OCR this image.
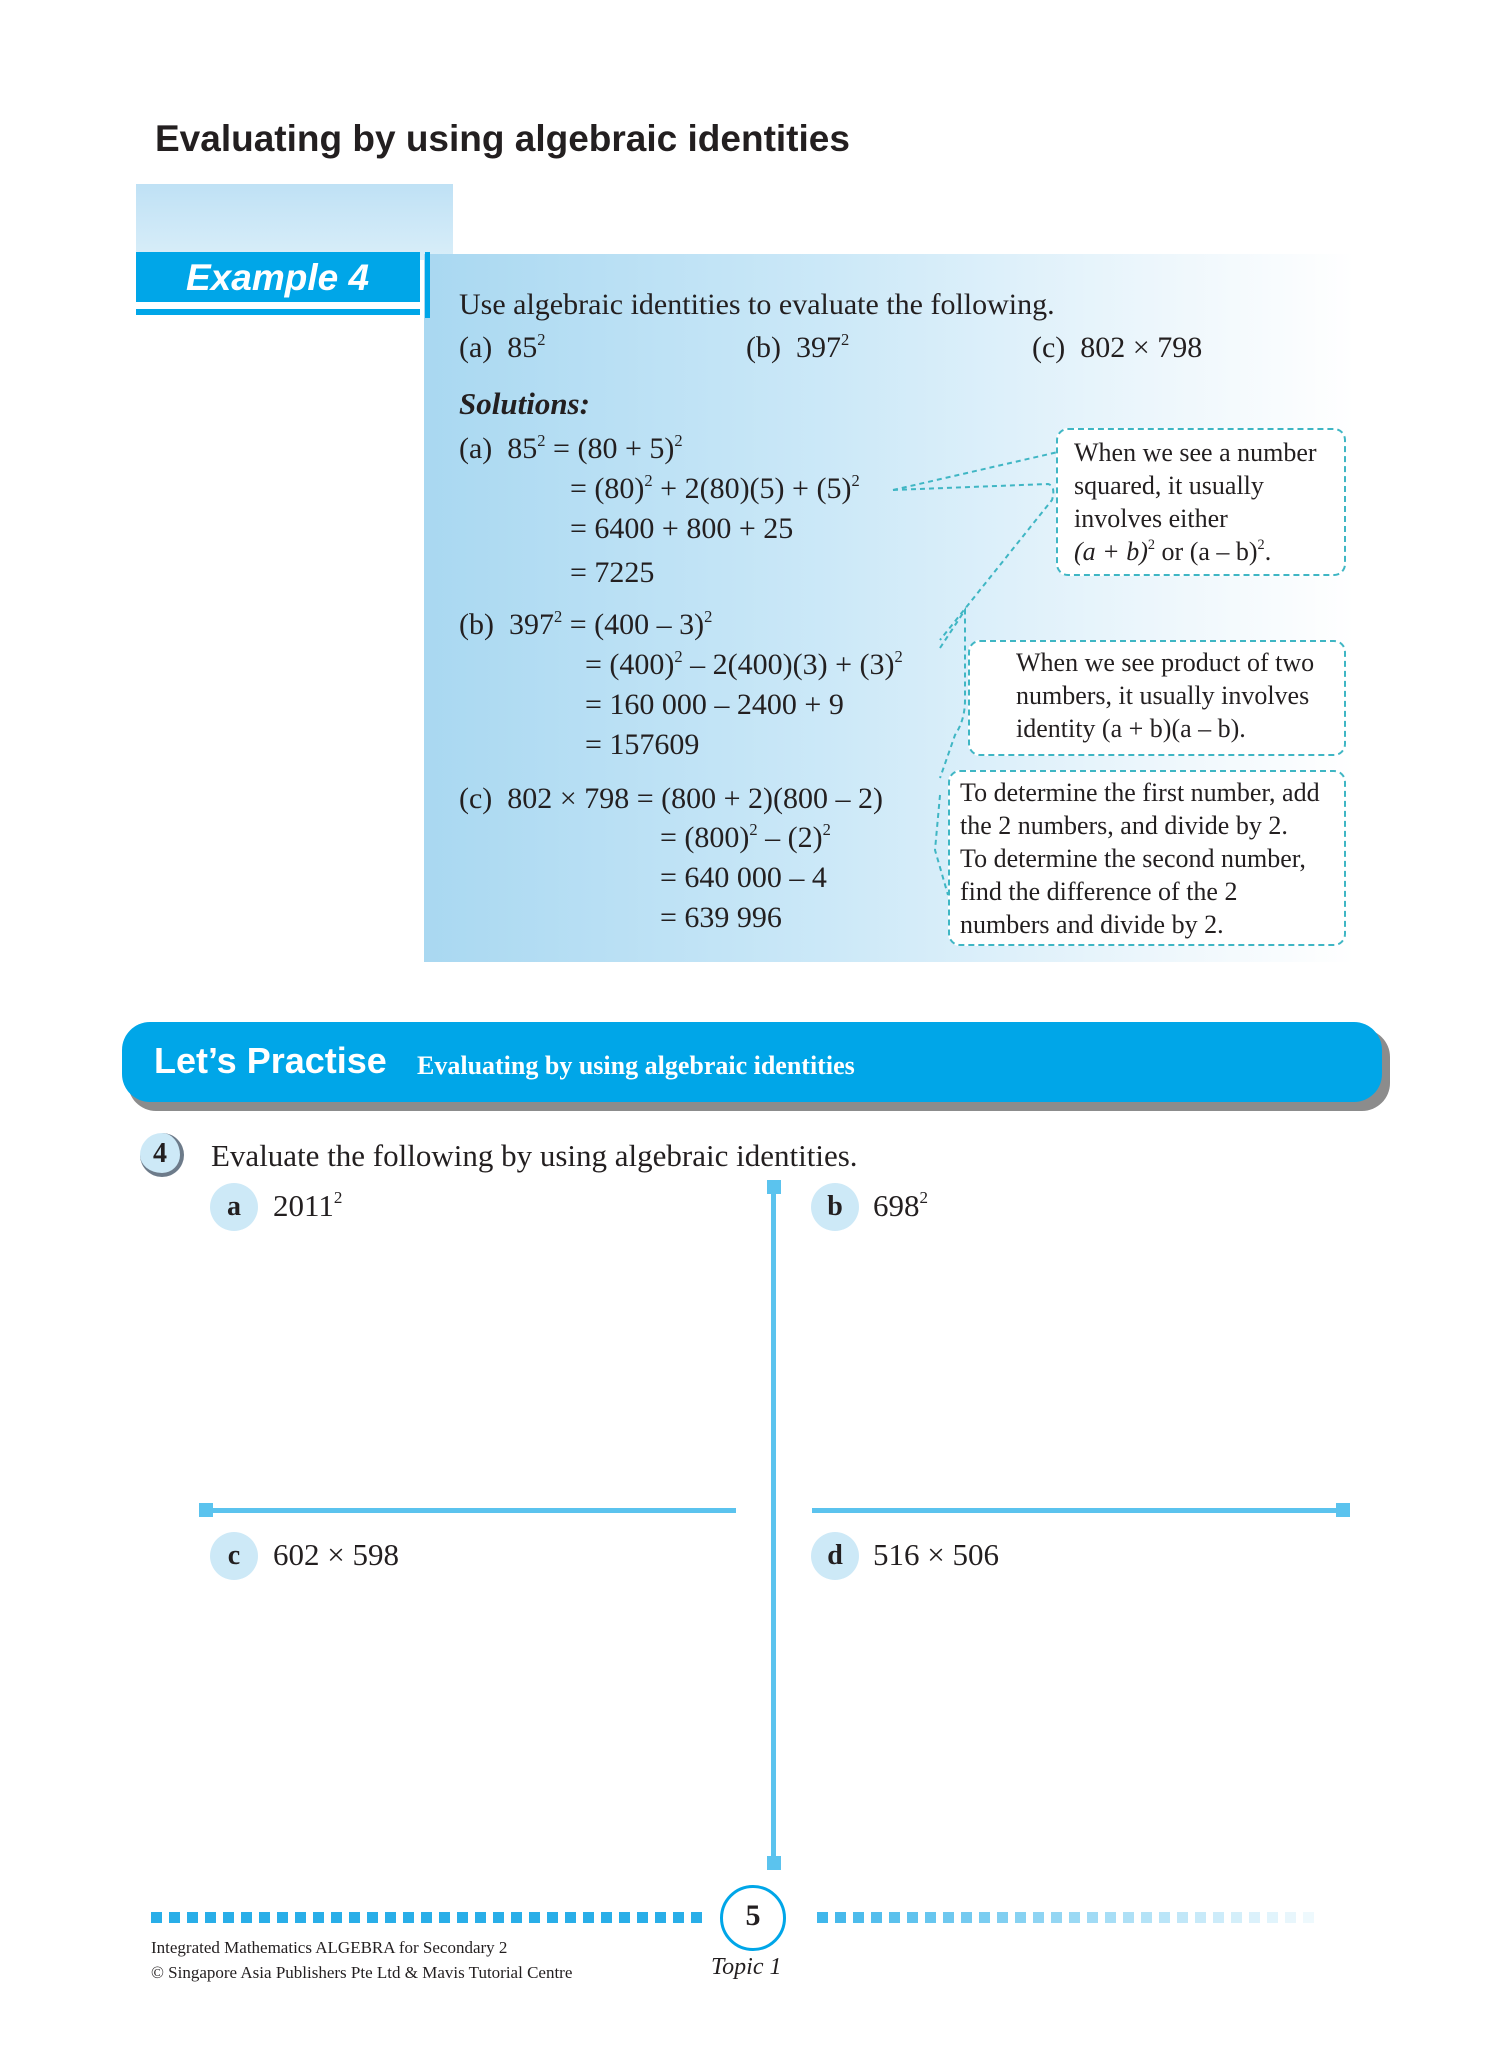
Evaluating by using algebraic identities
Example 4
Use algebraic identities to evaluate the following.
(a) $85^2$	(b) $397^2$	(c) 802 × 798
Solutions:
(a) $85^2 = (80 + 5)^2$
= $(80)^2 + 2(80)(5) + (5)^2$
= 6400 + 800 + 25
= 7225
(b) $397^2 = (400 - 3)^2$
= $(400)^2 - 2(400)(3) + (3)^2$
= 160 000 – 2400 + 9
= 157609
(c) 802 × 798 = (800 + 2)(800 – 2)
= $(800)^2 - (2)^2$
= 640 000 – 4
= 639 996
When we see a number
squared, it usually
involves either
$(a + b)^2$ or (a – b)$^2$.
When we see product of two
numbers, it usually involves
identity (a + b)(a – b).
To determine the first number, add
the 2 numbers, and divide by 2.
To determine the second number,
find the difference of the 2
numbers and divide by 2.
Let’s Practise Evaluating by using algebraic identities
4	Evaluate the following by using algebraic identities.
a	2011$^2$	b $698^2$
c	602 × 598	d 516 × 506
5
Topic 1
Integrated Mathematics ALGEBRA for Secondary 2
© Singapore Asia Publishers Pte Ltd & Mavis Tutorial Centre
